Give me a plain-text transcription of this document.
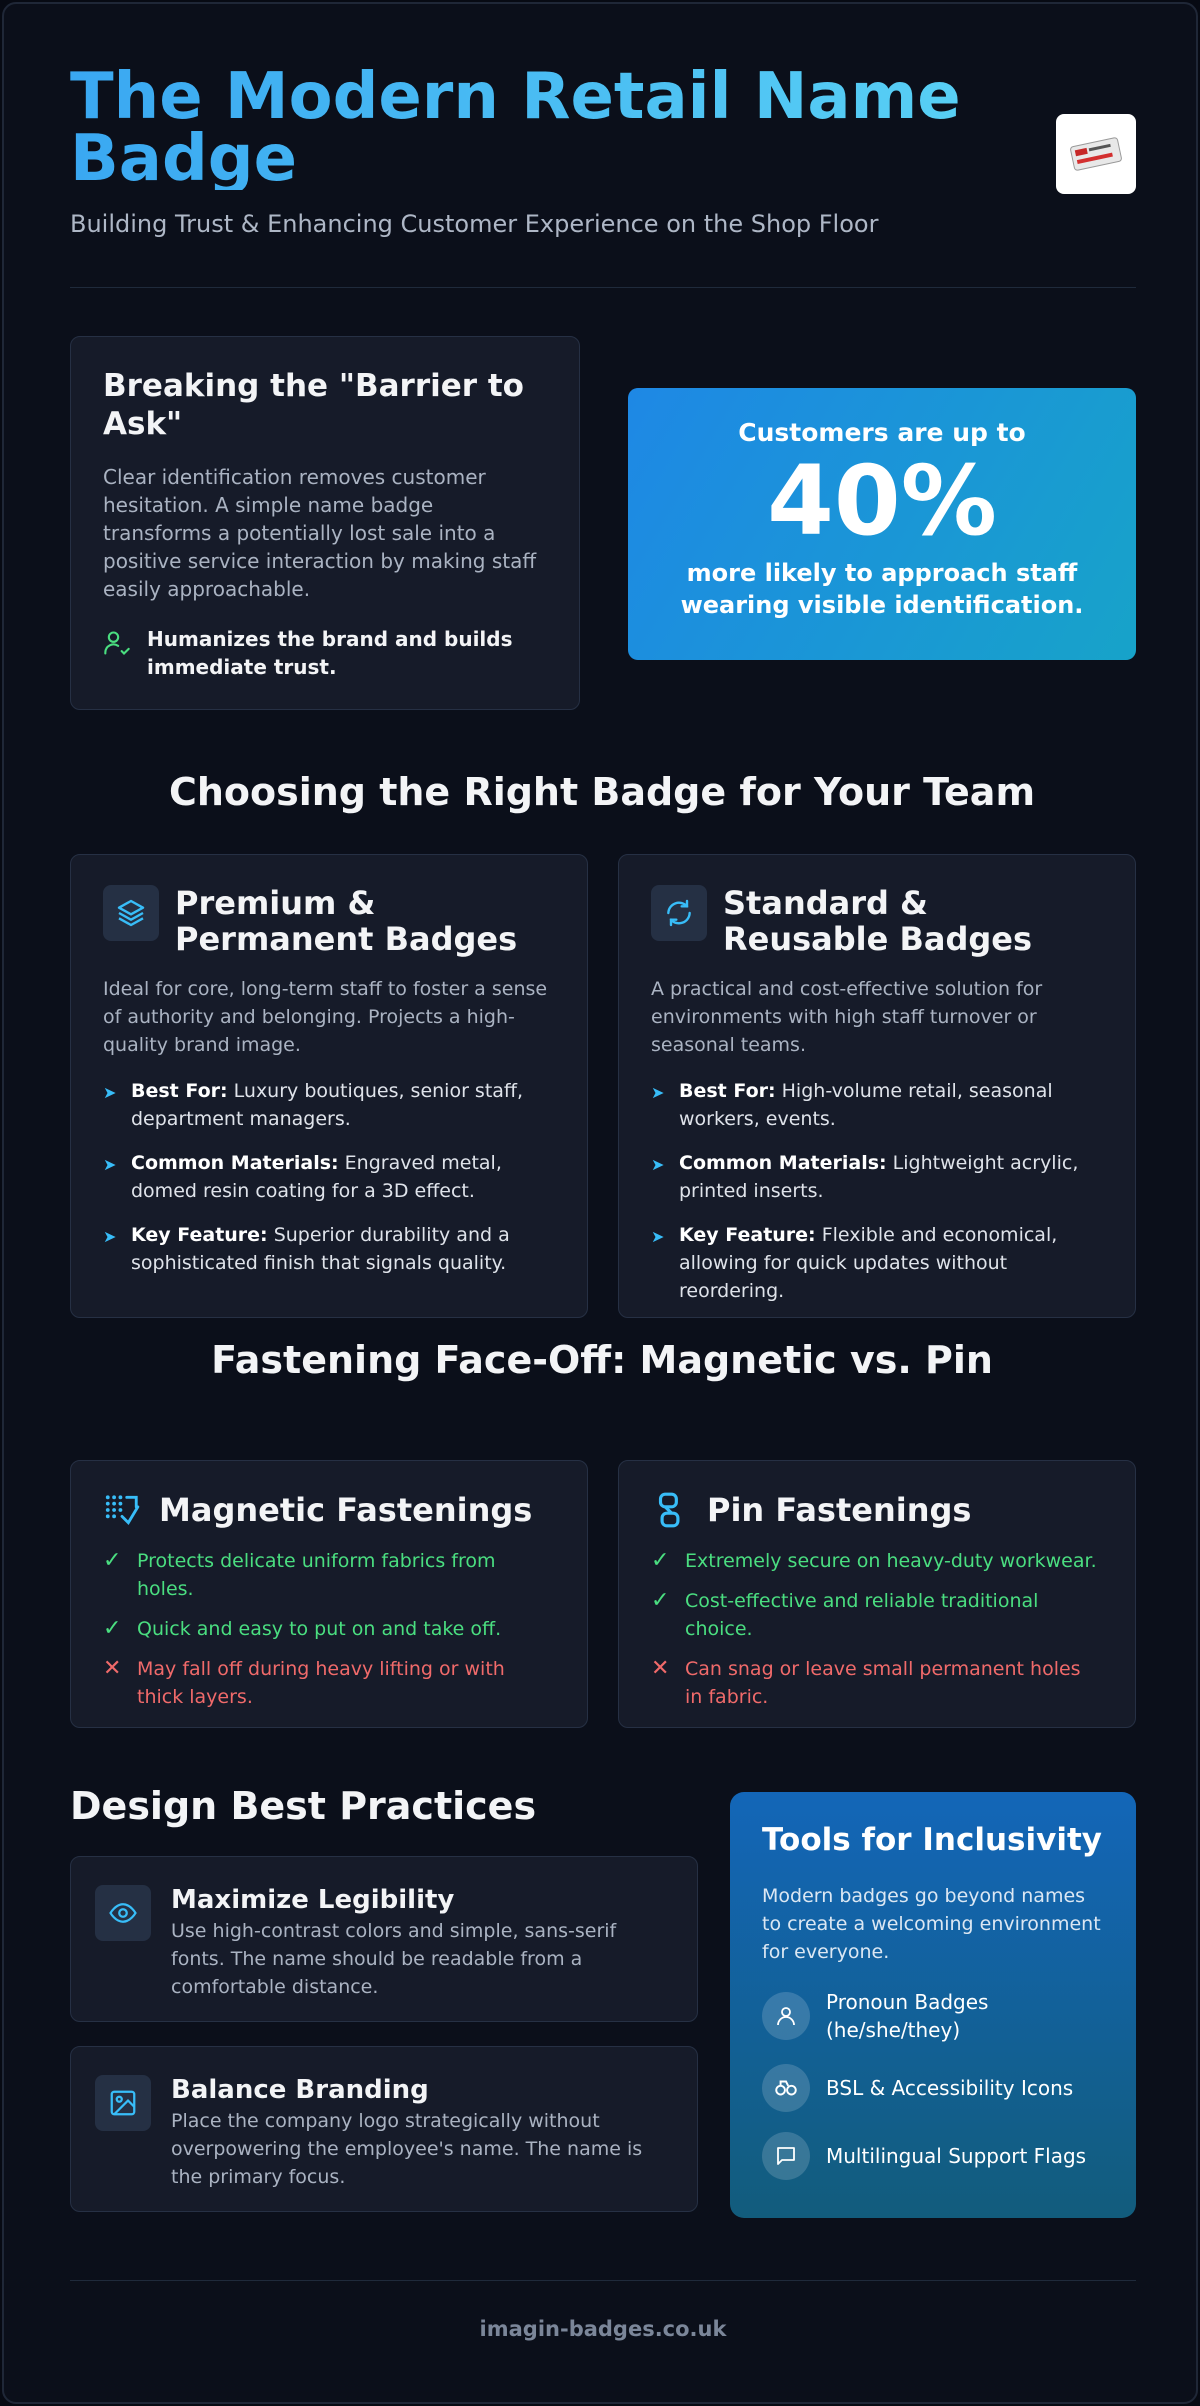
The Modern Retail Name Badge
Building Trust & Enhancing Customer Experience on the Shop Floor
Breaking the "Barrier to Ask"

Clear identification removes customer hesitation. A simple name badge transforms a potentially lost sale into a positive service interaction by making staff easily approachable.

Humanizes the brand and builds immediate trust.
Customers are up to
40%
more likely to approach staff wearing visible identification.
Choosing the Right Badge for Your Team
Premium & Permanent Badges
Ideal for core, long-term staff to foster a sense of authority and belonging. Projects a high-quality brand image.
➤ Best For: Luxury boutiques, senior staff, department managers.
➤ Common Materials: Engraved metal, domed resin coating for a 3D effect.
➤ Key Feature: Superior durability and a sophisticated finish that signals quality.
Standard & Reusable Badges
A practical and cost-effective solution for environments with high staff turnover or seasonal teams.
➤ Best For: High-volume retail, seasonal workers, events.
➤ Common Materials: Lightweight acrylic, printed inserts.
➤ Key Feature: Flexible and economical, allowing for quick updates without reordering.
Fastening Face-Off: Magnetic vs. Pin
Magnetic Fastenings
✓ Protects delicate uniform fabrics from holes.
✓ Quick and easy to put on and take off.
✕ May fall off during heavy lifting or with thick layers.
Pin Fastenings
✓ Extremely secure on heavy-duty workwear.
✓ Cost-effective and reliable traditional choice.
✕ Can snag or leave small permanent holes in fabric.
Design Best Practices
Maximize Legibility

Use high-contrast colors and simple, sans-serif fonts. The name should be readable from a comfortable distance.

Balance Branding

Place the company logo strategically without overpowering the employee's name. The name is the primary focus.

Tools for Inclusivity

Modern badges go beyond names to create a welcoming environment for everyone.

Pronoun Badges (he/she/they)
BSL & Accessibility Icons
Multilingual Support Flags
imagin-badges.co.uk
